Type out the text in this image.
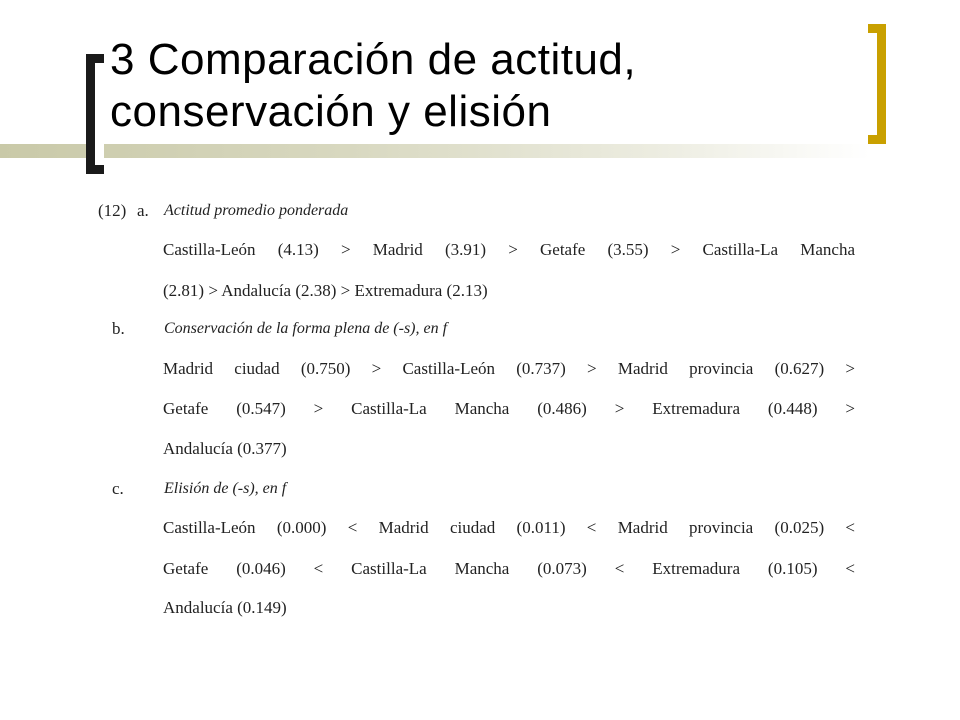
3 Comparación de actitud,
conservación y elisión
(12) a. Actitud promedio ponderada
Castilla-León (4.13) > Madrid (3.91) > Getafe (3.55) > Castilla-La Mancha
(2.81) > Andalucía (2.38) > Extremadura (2.13)
b. Conservación de la forma plena de (-s), en f
Madrid ciudad (0.750) > Castilla-León (0.737) > Madrid provincia (0.627) >
Getafe (0.547) > Castilla-La Mancha (0.486) > Extremadura (0.448) >
Andalucía (0.377)
c.	Elisión de (-s), en f
Castilla-León (0.000) < Madrid ciudad (0.011) < Madrid provincia (0.025) <
Getafe (0.046) < Castilla-La Mancha (0.073) < Extremadura (0.105) <
Andalucía (0.149)
